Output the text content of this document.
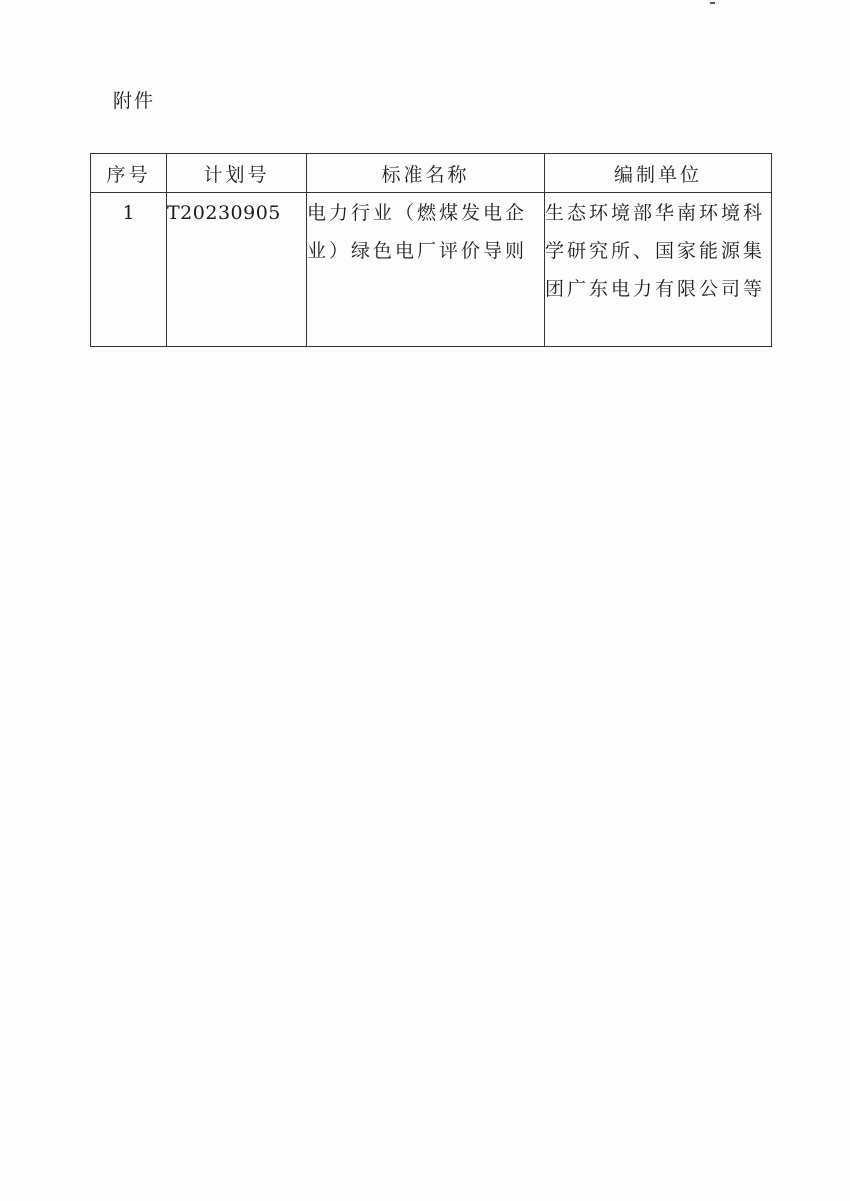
附件
序号	计划号	标准名称	编制单位
1	T20230905	电力行业（燃煤发电企业）绿色电厂评价导则	生态环境部华南环境科学研究所、国家能源集团广东电力有限公司等
